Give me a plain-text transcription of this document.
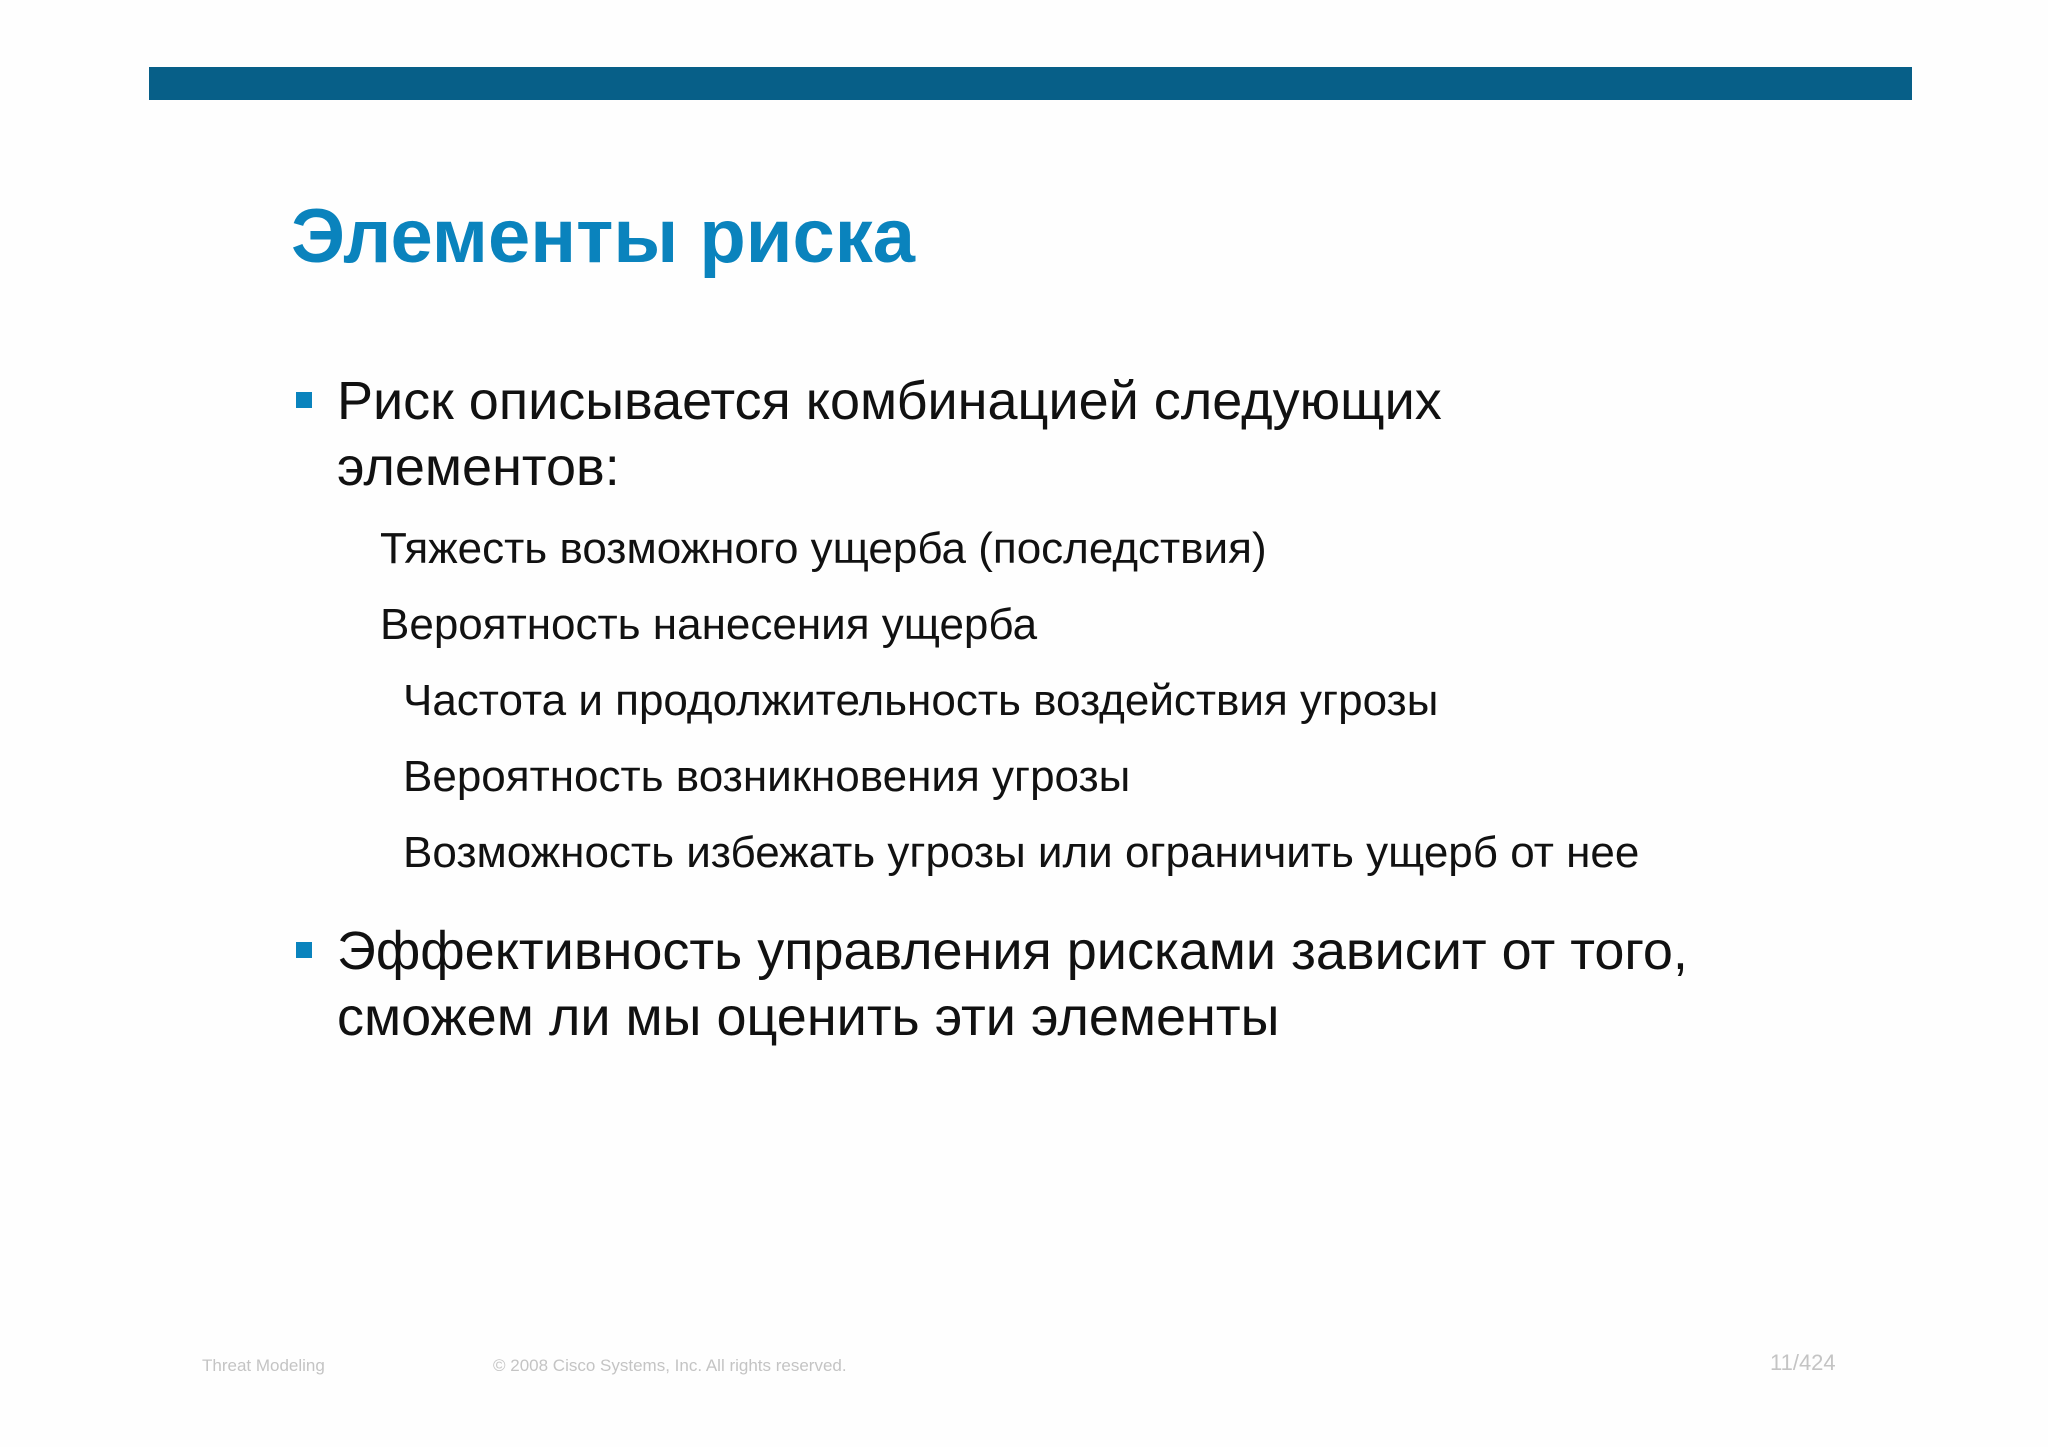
Элементы риска

Риск описывается комбинацией следующих

элементов:

Тяжесть возможного ущерба (последствия)

Вероятность нанесения ущерба

Частота и продолжительность воздействия угрозы

Вероятность возникновения угрозы

Возможность избежать угрозы или ограничить ущерб от нее

Эффективность управления рисками зависит от того,

сможем ли мы оценить эти элементы

Threat Modeling	© 2008 Cisco Systems, Inc. All rights reserved.	11/424
